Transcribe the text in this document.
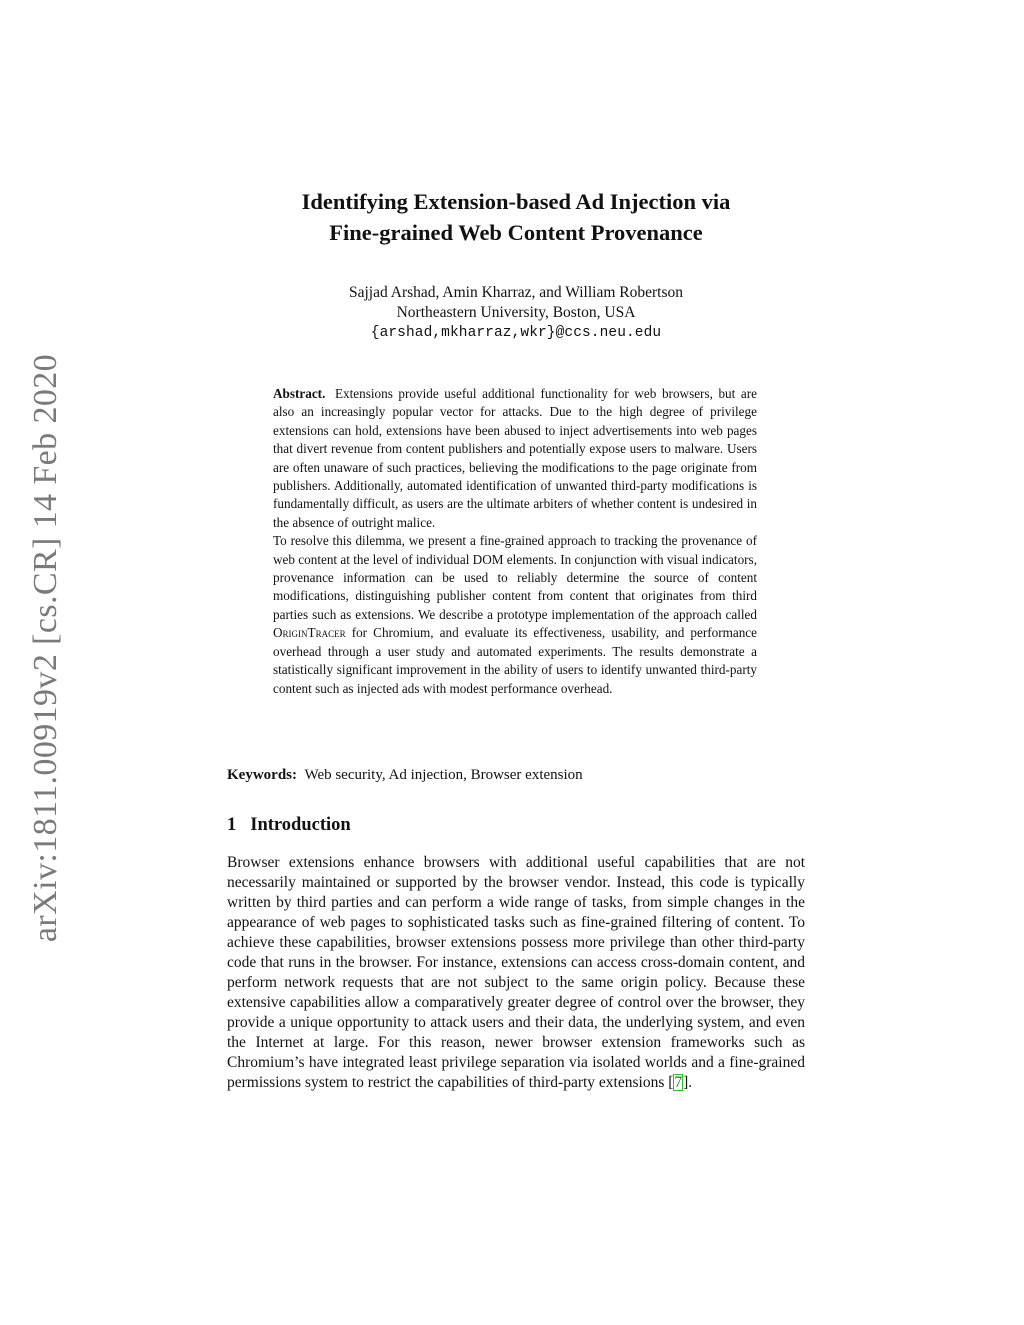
arXiv:1811.00919v2 [cs.CR] 14 Feb 2020
Identifying Extension-based Ad Injection via
Fine-grained Web Content Provenance
Sajjad Arshad, Amin Kharraz, and William Robertson
Northeastern University, Boston, USA
{arshad,mkharraz,wkr}@ccs.neu.edu

Abstract. Extensions provide useful additional functionality for web browsers, but are also an increasingly popular vector for attacks. Due to the high degree of privilege extensions can hold, extensions have been abused to inject advertisements into web pages that divert revenue from content publishers and potentially expose users to malware. Users are often unaware of such practices, believing the modifications to the page originate from publishers. Additionally, automated identification of unwanted third-party modifications is fundamentally difficult, as users are the ultimate arbiters of whether content is undesired in the absence of outright malice.

To resolve this dilemma, we present a fine-grained approach to tracking the provenance of web content at the level of individual DOM elements. In conjunction with visual indicators, provenance information can be used to reliably determine the source of content modifications, distinguishing publisher content from content that originates from third parties such as extensions. We describe a prototype implementation of the approach called OriginTracer for Chromium, and evaluate its effectiveness, usability, and performance overhead through a user study and automated experiments. The results demonstrate a statistically significant improvement in the ability of users to identify unwanted third-party content such as injected ads with modest performance overhead.

Keywords: Web security, Ad injection, Browser extension
1 Introduction

Browser extensions enhance browsers with additional useful capabilities that are not necessarily maintained or supported by the browser vendor. Instead, this code is typically written by third parties and can perform a wide range of tasks, from simple changes in the appearance of web pages to sophisticated tasks such as fine-grained filtering of content. To achieve these capabilities, browser extensions possess more privilege than other third-party code that runs in the browser. For instance, extensions can access cross-domain content, and perform network requests that are not subject to the same origin policy. Because these extensive capabilities allow a comparatively greater degree of control over the browser, they provide a unique opportunity to attack users and their data, the underlying system, and even the Internet at large. For this reason, newer browser extension frameworks such as Chromium’s have integrated least privilege separation via isolated worlds and a fine-grained permissions system to restrict the capabilities of third-party extensions [7].
